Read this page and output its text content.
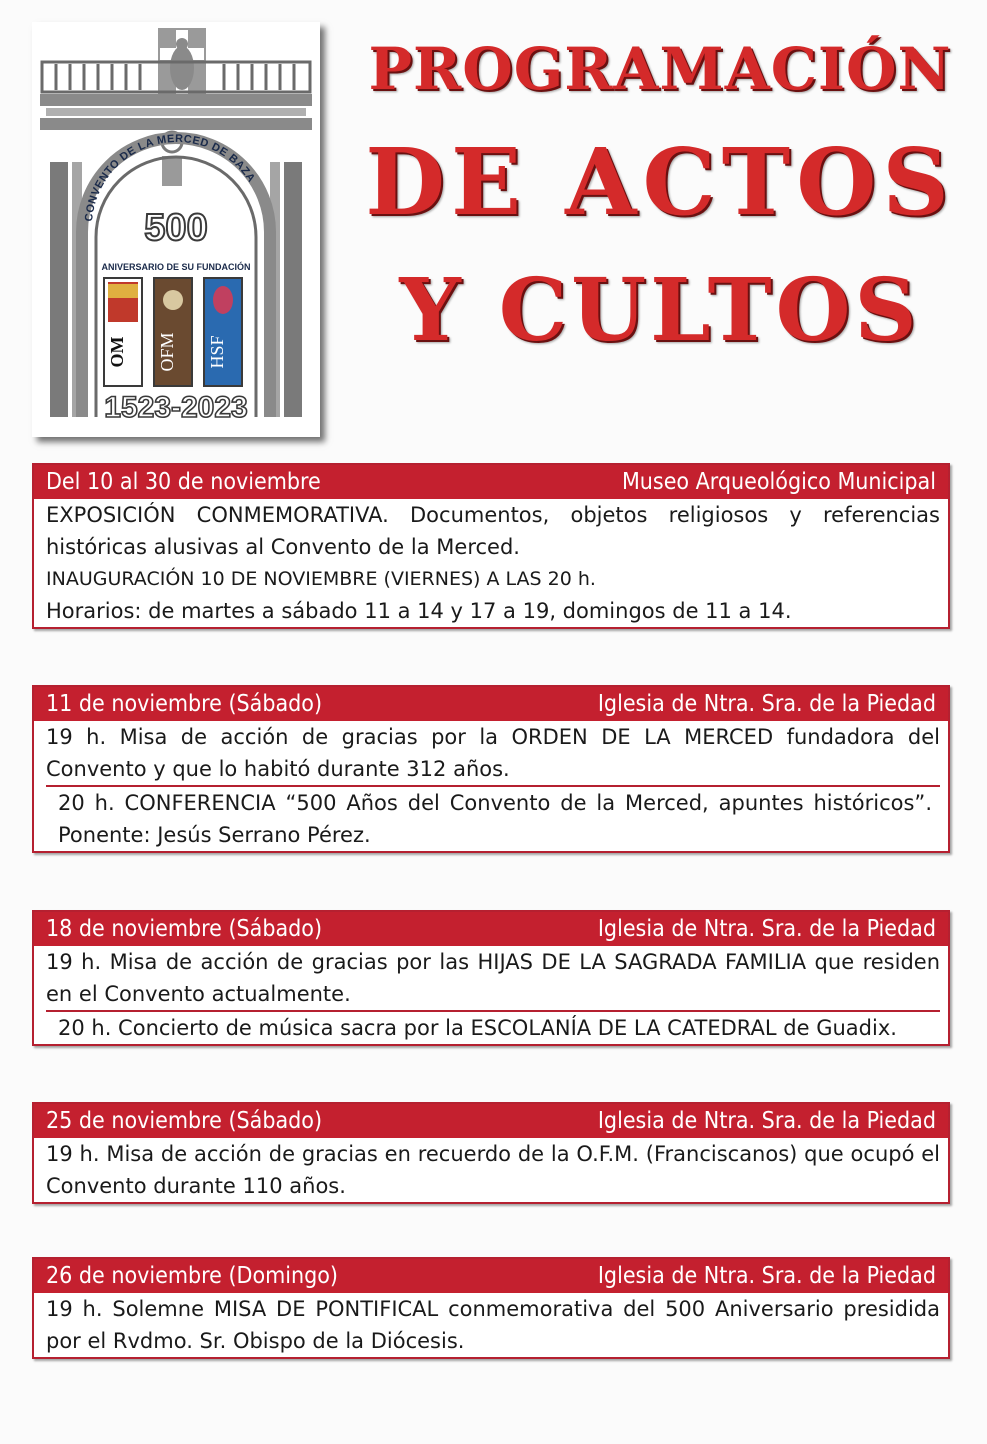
CONVENTO DE LA MERCED DE BAZA
500
ANIVERSARIO DE SU FUNDACIÓN
OM OFM HSF
1523-2023
PROGRAMACIÓN
DE ACTOS
Y CULTOS
Del 10 al 30 de noviembre	Museo Arqueológico Municipal

EXPOSICIÓN CONMEMORATIVA. Documentos, objetos religiosos y referencias históricas alusivas al Convento de la Merced.

INAUGURACIÓN 10 DE NOVIEMBRE (VIERNES) A LAS 20 h.

Horarios: de martes a sábado 11 a 14 y 17 a 19, domingos de 11 a 14.

11 de noviembre (Sábado)	Iglesia de Ntra. Sra. de la Piedad

19 h. Misa de acción de gracias por la ORDEN DE LA MERCED fundadora del Convento y que lo habitó durante 312 años.

20 h. CONFERENCIA “500 Años del Convento de la Merced, apuntes históricos”. Ponente: Jesús Serrano Pérez.

18 de noviembre (Sábado)	Iglesia de Ntra. Sra. de la Piedad

19 h. Misa de acción de gracias por las HIJAS DE LA SAGRADA FAMILIA que residen en el Convento actualmente.

20 h. Concierto de música sacra por la ESCOLANÍA DE LA CATEDRAL de Guadix.

25 de noviembre (Sábado)	Iglesia de Ntra. Sra. de la Piedad

19 h. Misa de acción de gracias en recuerdo de la O.F.M. (Franciscanos) que ocupó el Convento durante 110 años.

26 de noviembre (Domingo)	Iglesia de Ntra. Sra. de la Piedad

19 h. Solemne MISA DE PONTIFICAL conmemorativa del 500 Aniversario presidida por el Rvdmo. Sr. Obispo de la Diócesis.
